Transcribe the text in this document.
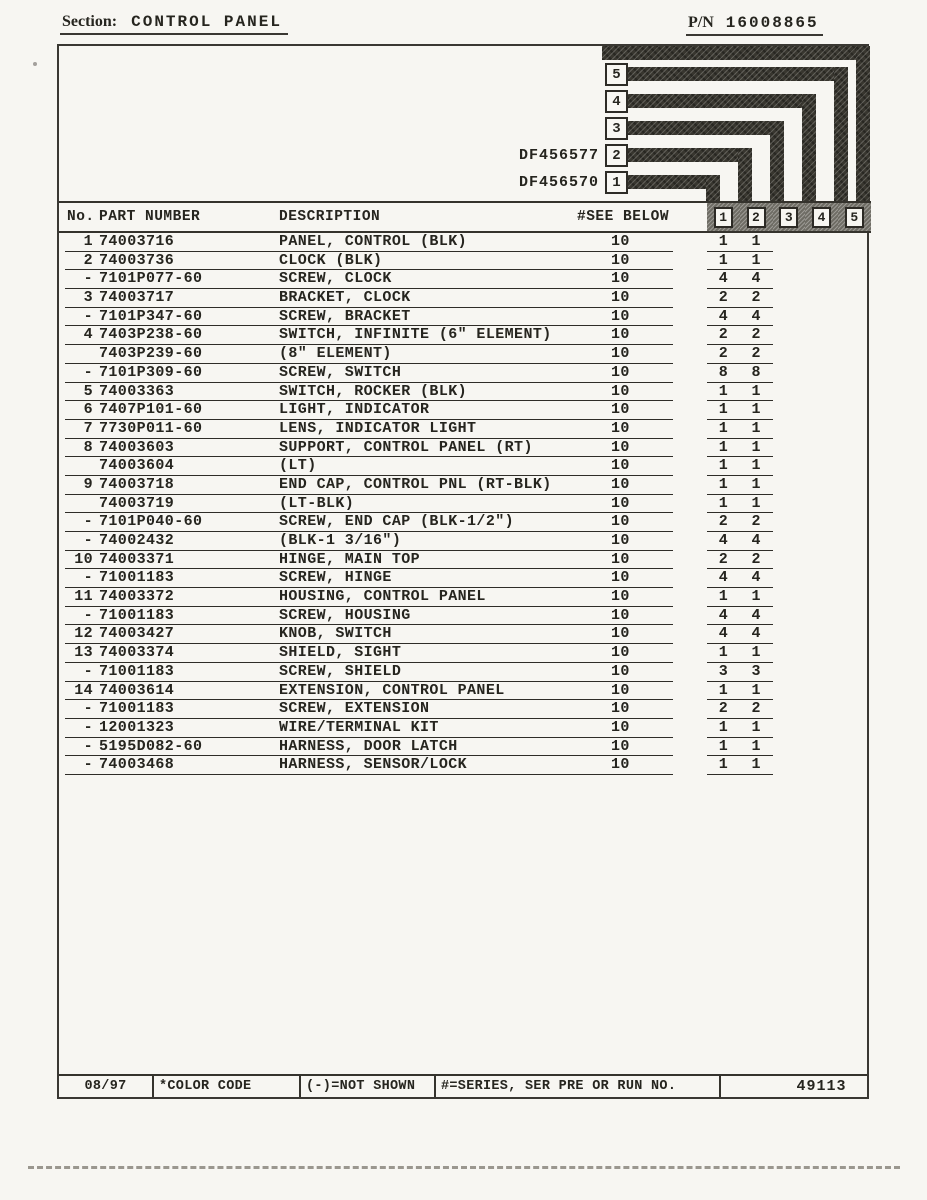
Section: CONTROL PANEL	P/N 16008865
5
4
3
2
1
DF456577
DF456570
No. PART NUMBER	DESCRIPTION	#SEE BELOW	1	2	3	4	5
1 74003716	PANEL, CONTROL (BLK)	10	1	1
2 74003736	CLOCK (BLK)	10	1	1
- 7101P077-60	SCREW, CLOCK	10	4	4
3 74003717	BRACKET, CLOCK	10	2	2
- 7101P347-60	SCREW, BRACKET	10	4	4
4 7403P238-60	SWITCH, INFINITE (6" ELEMENT)	10	2	2
7403P239-60	(8" ELEMENT)	10	2	2
- 7101P309-60	SCREW, SWITCH	10	8	8
5 74003363	SWITCH, ROCKER (BLK)	10	1	1
6 7407P101-60	LIGHT, INDICATOR	10	1	1
7 7730P011-60	LENS, INDICATOR LIGHT	10	1	1
8 74003603	SUPPORT, CONTROL PANEL (RT)	10	1	1
74003604	(LT)	10	1	1
9 74003718	END CAP, CONTROL PNL (RT-BLK)	10	1	1
74003719	(LT-BLK)	10	1	1
- 7101P040-60	SCREW, END CAP (BLK-1/2")	10	2	2
- 74002432	(BLK-1 3/16")	10	4	4
10 74003371	HINGE, MAIN TOP	10	2	2
- 71001183	SCREW, HINGE	10	4	4
11 74003372	HOUSING, CONTROL PANEL	10	1	1
- 71001183	SCREW, HOUSING	10	4	4
12 74003427	KNOB, SWITCH	10	4	4
13 74003374	SHIELD, SIGHT	10	1	1
- 71001183	SCREW, SHIELD	10	3	3
14 74003614	EXTENSION, CONTROL PANEL	10	1	1
- 71001183	SCREW, EXTENSION	10	2	2
- 12001323	WIRE/TERMINAL KIT	10	1	1
- 5195D082-60	HARNESS, DOOR LATCH	10	1	1
- 74003468	HARNESS, SENSOR/LOCK	10	1	1
08/97	*COLOR CODE	(-)=NOT SHOWN	#=SERIES, SER PRE OR RUN NO.	49113
